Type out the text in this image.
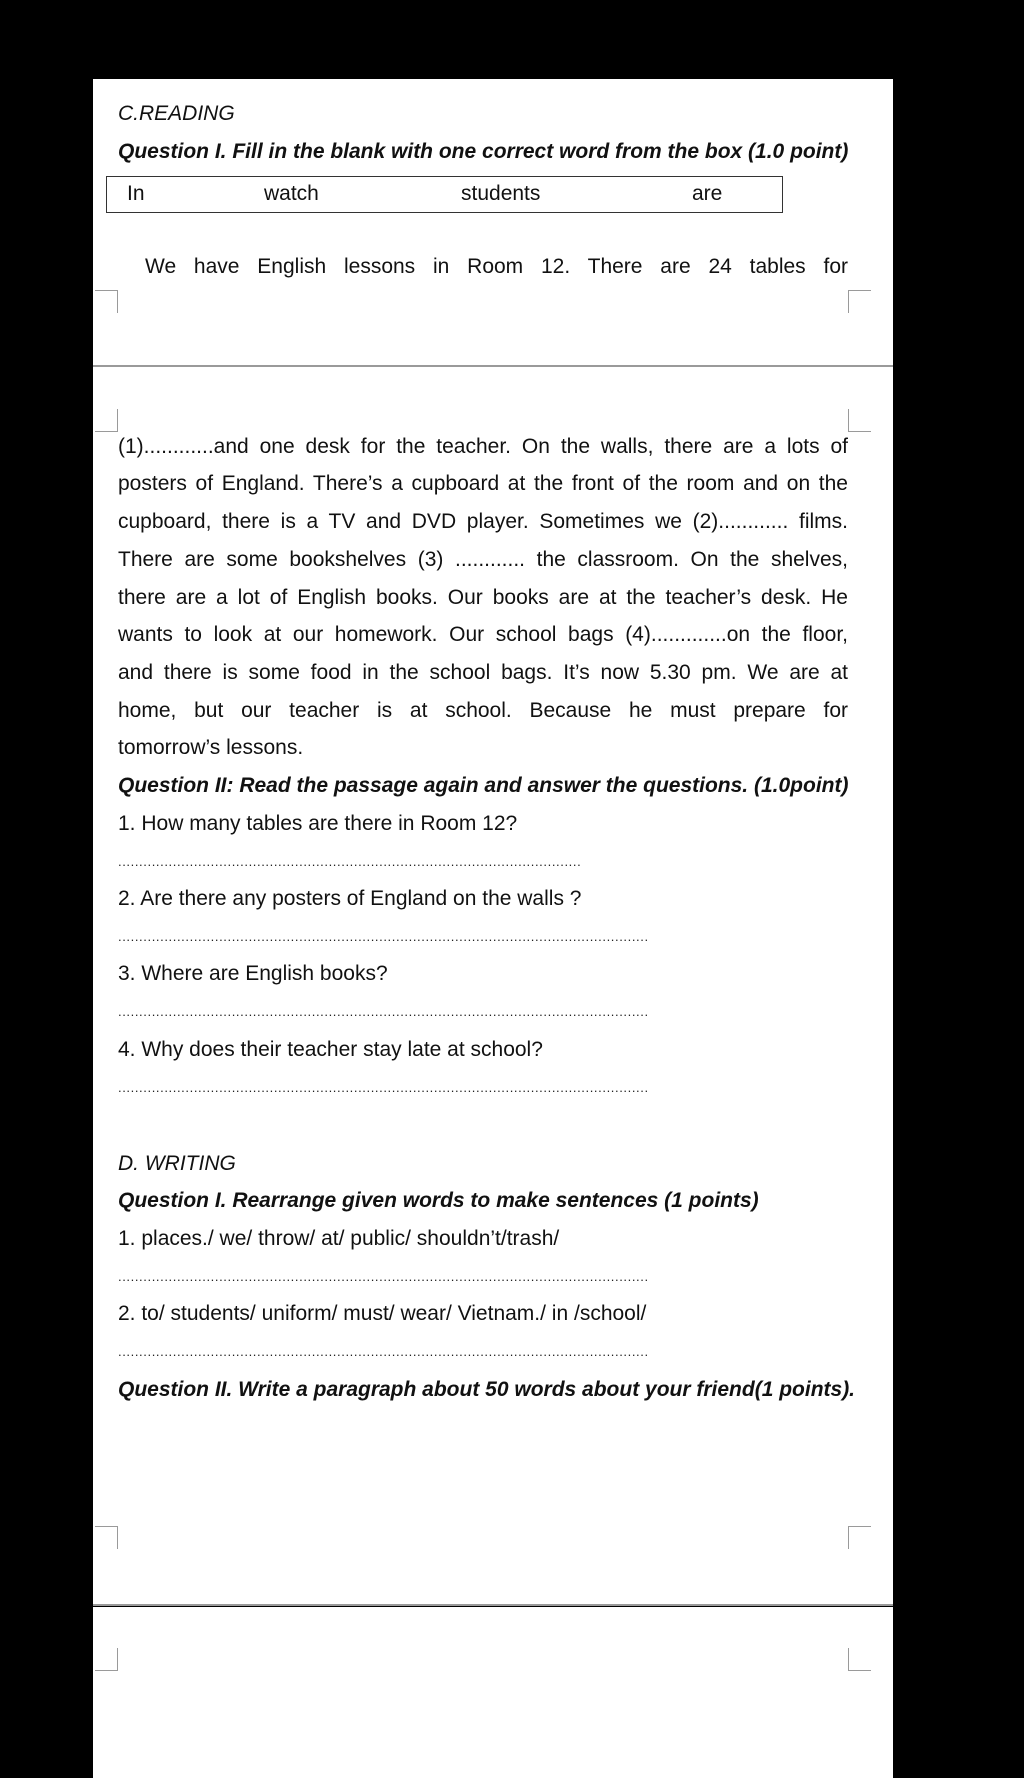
C.READING
Question I. Fill in the blank with one correct word from the box (1.0 point)
In	watch	students	are
We have English lessons in Room 12. There are 24 tables for
(1)............and one desk for the teacher. On the walls, there are a lots of
posters of England. There’s a cupboard at the front of the room and on the
cupboard, there is a TV and DVD player. Sometimes we (2)............ films.
There are some bookshelves (3) ............ the classroom. On the shelves,
there are a lot of English books. Our books are at the teacher’s desk. He
wants to look at our homework. Our school bags (4).............on the floor,
and there is some food in the school bags. It’s now 5.30 pm. We are at
home, but our teacher is at school. Because he must prepare for
tomorrow’s lessons.
Question II: Read the passage again and answer the questions. (1.0point)
1. How many tables are there in Room 12?
..............................................................................................................
2. Are there any posters of England on the walls ?
..............................................................................................................................
3. Where are English books?
..............................................................................................................................
4. Why does their teacher stay late at school?
..............................................................................................................................
D. WRITING
Question I. Rearrange given words to make sentences (1 points)
1. places./ we/ throw/ at/ public/ shouldn’t/trash/
..............................................................................................................................
2. to/ students/ uniform/ must/ wear/ Vietnam./ in /school/
..............................................................................................................................
Question II. Write a paragraph about 50 words about your friend(1 points).
